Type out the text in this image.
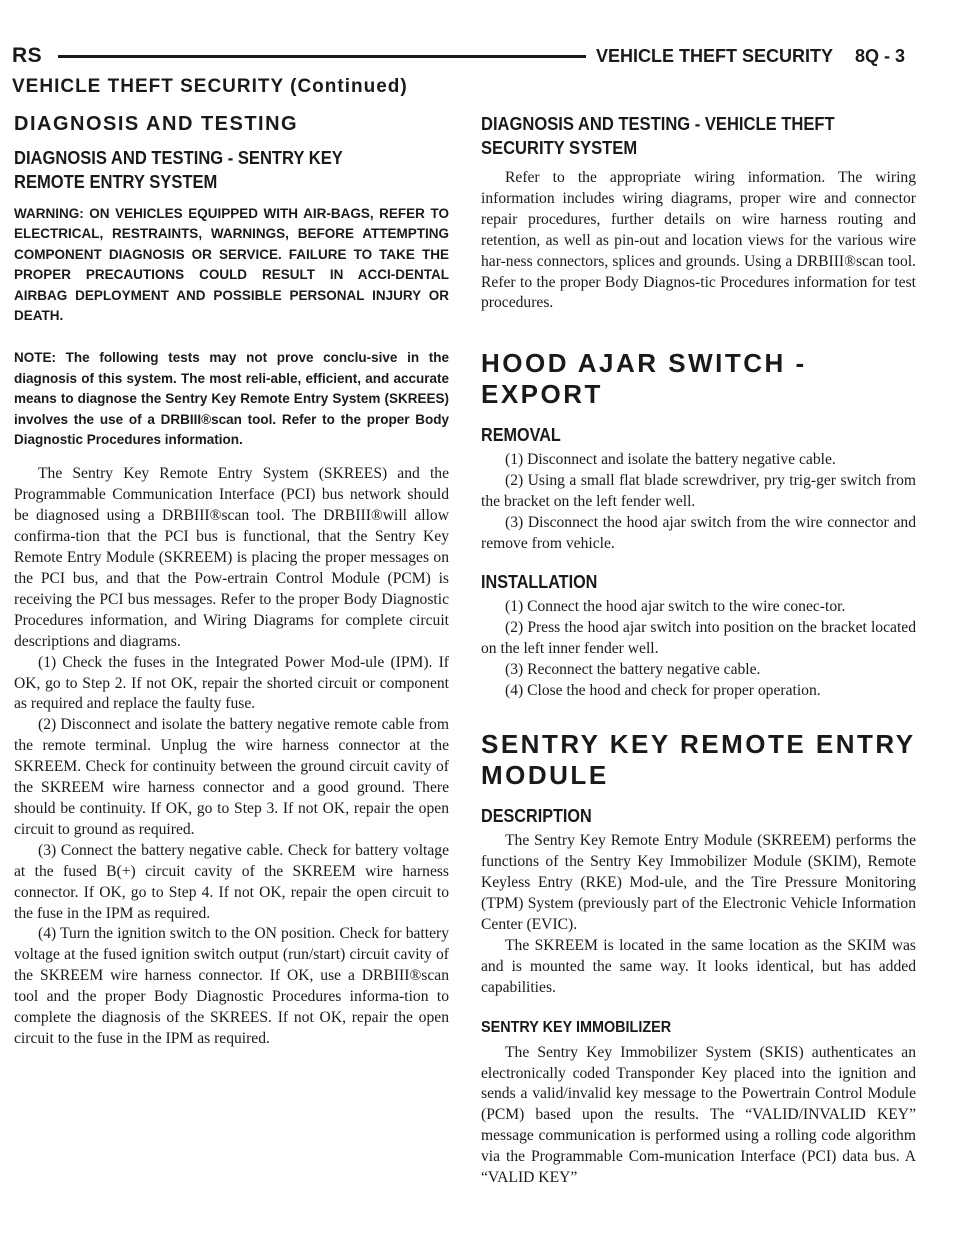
RS	VEHICLE THEFT SECURITY 8Q - 3
VEHICLE THEFT SECURITY (Continued)
DIAGNOSIS AND TESTING
DIAGNOSIS AND TESTING - SENTRY KEY
REMOTE ENTRY SYSTEM
WARNING: ON VEHICLES EQUIPPED WITH AIR-BAGS, REFER TO ELECTRICAL, RESTRAINTS, WARNINGS, BEFORE ATTEMPTING COMPONENT DIAGNOSIS OR SERVICE. FAILURE TO TAKE THE PROPER PRECAUTIONS COULD RESULT IN ACCI-DENTAL AIRBAG DEPLOYMENT AND POSSIBLE PERSONAL INJURY OR DEATH.
NOTE: The following tests may not prove conclu-sive in the diagnosis of this system. The most reli-able, efficient, and accurate means to diagnose the Sentry Key Remote Entry System (SKREES) involves the use of a DRBIII®scan tool. Refer to the proper Body Diagnostic Procedures information.

The Sentry Key Remote Entry System (SKREES) and the Programmable Communication Interface (PCI) bus network should be diagnosed using a DRBIII®scan tool. The DRBIII®will allow confirma-tion that the PCI bus is functional, that the Sentry Key Remote Entry Module (SKREEM) is placing the proper messages on the PCI bus, and that the Pow-ertrain Control Module (PCM) is receiving the PCI bus messages. Refer to the proper Body Diagnostic Procedures information, and Wiring Diagrams for complete circuit descriptions and diagrams.

(1) Check the fuses in the Integrated Power Mod-ule (IPM). If OK, go to Step 2. If not OK, repair the shorted circuit or component as required and replace the faulty fuse.

(2) Disconnect and isolate the battery negative remote cable from the remote terminal. Unplug the wire harness connector at the SKREEM. Check for continuity between the ground circuit cavity of the SKREEM wire harness connector and a good ground. There should be continuity. If OK, go to Step 3. If not OK, repair the open circuit to ground as required.

(3) Connect the battery negative cable. Check for battery voltage at the fused B(+) circuit cavity of the SKREEM wire harness connector. If OK, go to Step 4. If not OK, repair the open circuit to the fuse in the IPM as required.

(4) Turn the ignition switch to the ON position. Check for battery voltage at the fused ignition switch output (run/start) circuit cavity of the SKREEM wire harness connector. If OK, use a DRBIII®scan tool and the proper Body Diagnostic Procedures informa-tion to complete the diagnosis of the SKREES. If not OK, repair the open circuit to the fuse in the IPM as required.

DIAGNOSIS AND TESTING - VEHICLE THEFT
SECURITY SYSTEM

Refer to the appropriate wiring information. The wiring information includes wiring diagrams, proper wire and connector repair procedures, further details on wire harness routing and retention, as well as pin-out and location views for the various wire har-ness connectors, splices and grounds. Using a DRBIII®scan tool. Refer to the proper Body Diagnos-tic Procedures information for test procedures.

HOOD AJAR SWITCH -
EXPORT
REMOVAL

(1) Disconnect and isolate the battery negative cable.

(2) Using a small flat blade screwdriver, pry trig-ger switch from the bracket on the left fender well.

(3) Disconnect the hood ajar switch from the wire connector and remove from vehicle.

INSTALLATION

(1) Connect the hood ajar switch to the wire conec-tor.

(2) Press the hood ajar switch into position on the bracket located on the left inner fender well.

(3) Reconnect the battery negative cable.

(4) Close the hood and check for proper operation.

SENTRY KEY REMOTE ENTRY
MODULE
DESCRIPTION

The Sentry Key Remote Entry Module (SKREEM) performs the functions of the Sentry Key Immobilizer Module (SKIM), Remote Keyless Entry (RKE) Mod-ule, and the Tire Pressure Monitoring (TPM) System (previously part of the Electronic Vehicle Information Center (EVIC).

The SKREEM is located in the same location as the SKIM was and is mounted the same way. It looks identical, but has added capabilities.

SENTRY KEY IMMOBILIZER

The Sentry Key Immobilizer System (SKIS) authenticates an electronically coded Transponder Key placed into the ignition and sends a valid/invalid key message to the Powertrain Control Module (PCM) based upon the results. The “VALID/INVALID KEY” message communication is performed using a rolling code algorithm via the Programmable Com-munication Interface (PCI) data bus. A “VALID KEY”
